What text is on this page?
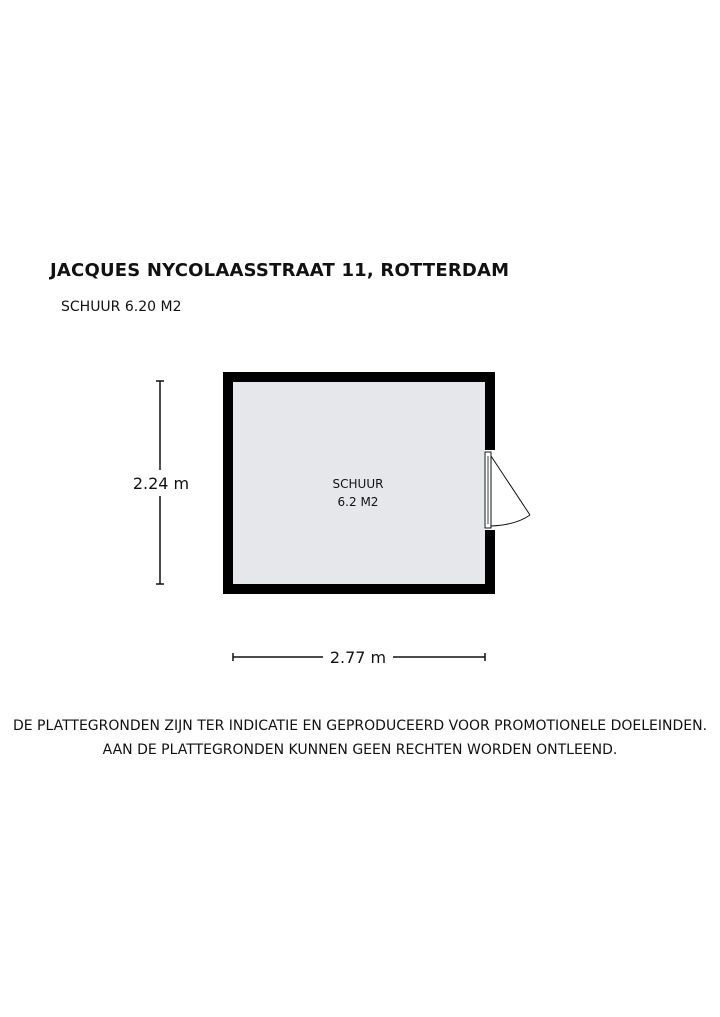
JACQUES NYCOLAASSTRAAT 11, ROTTERDAM
SCHUUR 6.20 M2
2.24 m	SCHUUR
6.2 M2
2.77 m
DE PLATTEGRONDEN ZIJN TER INDICATIE EN GEPRODUCEERD VOOR PROMOTIONELE DOELEINDEN.
AAN DE PLATTEGRONDEN KUNNEN GEEN RECHTEN WORDEN ONTLEEND.
